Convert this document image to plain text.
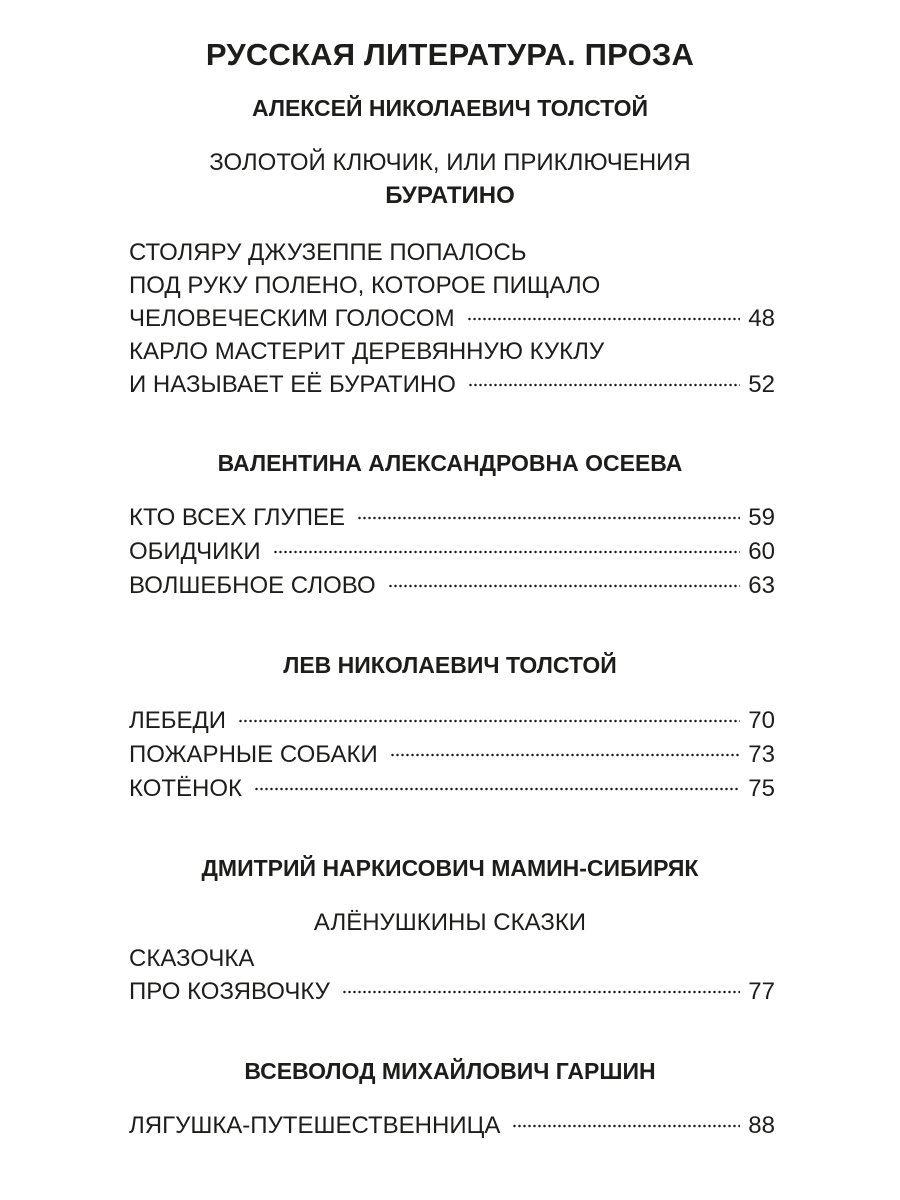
РУССКАЯ ЛИТЕРАТУРА. ПРОЗА
АЛЕКСЕЙ НИКОЛАЕВИЧ ТОЛСТОЙ
ЗОЛОТОЙ КЛЮЧИК, ИЛИ ПРИКЛЮЧЕНИЯ
БУРАТИНО
СТОЛЯРУ ДЖУЗЕППЕ ПОПАЛОСЬ
ПОД РУКУ ПОЛЕНО, КОТОРОЕ ПИЩАЛО
ЧЕЛОВЕЧЕСКИМ ГОЛОСОМ	48
КАРЛО МАСТЕРИТ ДЕРЕВЯННУЮ КУКЛУ
И НАЗЫВАЕТ ЕЁ БУРАТИНО	52
ВАЛЕНТИНА АЛЕКСАНДРОВНА ОСЕЕВА
КТО ВСЕХ ГЛУПЕЕ	59
ОБИДЧИКИ	60
ВОЛШЕБНОЕ СЛОВО	63
ЛЕВ НИКОЛАЕВИЧ ТОЛСТОЙ
ЛЕБЕДИ	70
ПОЖАРНЫЕ СОБАКИ	73
КОТЁНОК	75
ДМИТРИЙ НАРКИСОВИЧ МАМИН-СИБИРЯК
АЛЁНУШКИНЫ СКАЗКИ
СКАЗОЧКА
ПРО КОЗЯВОЧКУ	77
ВСЕВОЛОД МИХАЙЛОВИЧ ГАРШИН
ЛЯГУШКА-ПУТЕШЕСТВЕННИЦА	88
